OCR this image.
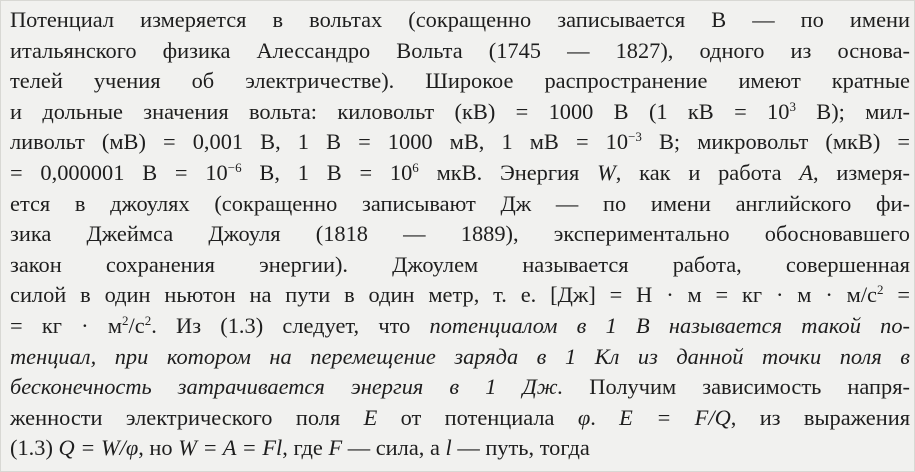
Потенциал измеряется в вольтах (сокращенно записывается В — по имени
итальянского физика Алессандро Вольта (1745 — 1827), одного из основа-
телей учения об электричестве). Широкое распространение имеют кратные
и дольные значения вольта: киловольт (кВ) = 1000 В (1 кВ = $10^3$ В); мил-
ливольт (мВ) = 0,001 В, 1 В = 1000 мВ, 1 мВ = $10^{-3}$ В; микровольт (мкВ) =
= 0,000001 $В = 10^{-6}$ В, 1 $В = 10^6$ мкВ. Энергия W, как и работа A, измеря-
ется в джоулях (сокращенно записывают Дж — по имени английского фи-
зика Джеймса Джоуля (1818 — 1889), экспериментально обосновавшего
закон сохранения энергии). Джоулем называется работа, совершенная
силой в один ньютон на пути в один метр, т. е. [Дж] = Н · м = кг · $м \cdot м/с^2$ =
= кг · $м^2/с^2$. Из (1.3) следует, что потенциалом в 1 В называется такой по-
тенциал, при котором на перемещение заряда в 1 Кл из данной точки поля в
бесконечность затрачивается энергия в 1 Дж. Получим зависимость напря-
женности электрического поля E от потенциала φ. E = F/Q, из выражения
(1.3) Q = W/φ, но W = A = Fl, где F — сила, а l — путь, тогда
